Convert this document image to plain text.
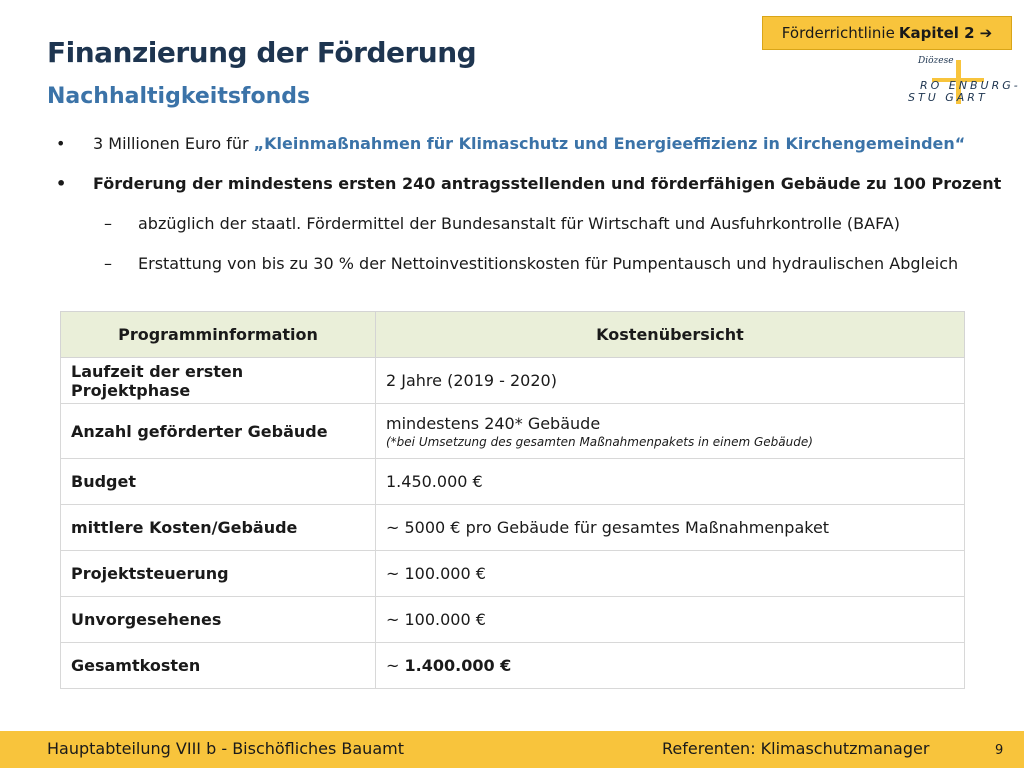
Förderrichtlinie Kapitel 2 ➔
Finanzierung der Förderung
Nachhaltigkeitsfonds
Diözese
RO ENBURG-
STU GART
• 3 Millionen Euro für „Kleinmaßnahmen für Klimaschutz und Energieeffizienz in Kirchengemeinden“
• Förderung der mindestens ersten 240 antragsstellenden und förderfähigen Gebäude zu 100 Prozent
– abzüglich der staatl. Fördermittel der Bundesanstalt für Wirtschaft und Ausfuhrkontrolle (BAFA)
– Erstattung von bis zu 30 % der Nettoinvestitionskosten für Pumpentausch und hydraulischen Abgleich
Programminformation	Kostenübersicht
Laufzeit der ersten Projektphase	2 Jahre (2019 - 2020)
Anzahl geförderter Gebäude	mindestens 240* Gebäude
(*bei Umsetzung des gesamten Maßnahmenpakets in einem Gebäude)

Budget	1.450.000 €
mittlere Kosten/Gebäude	~ 5000 € pro Gebäude für gesamtes Maßnahmenpaket
Projektsteuerung	~ 100.000 €
Unvorgesehenes	~ 100.000 €
Gesamtkosten	~ 1.400.000 €
Hauptabteilung VIII b - Bischöfliches Bauamt	Referenten: Klimaschutzmanager	9
